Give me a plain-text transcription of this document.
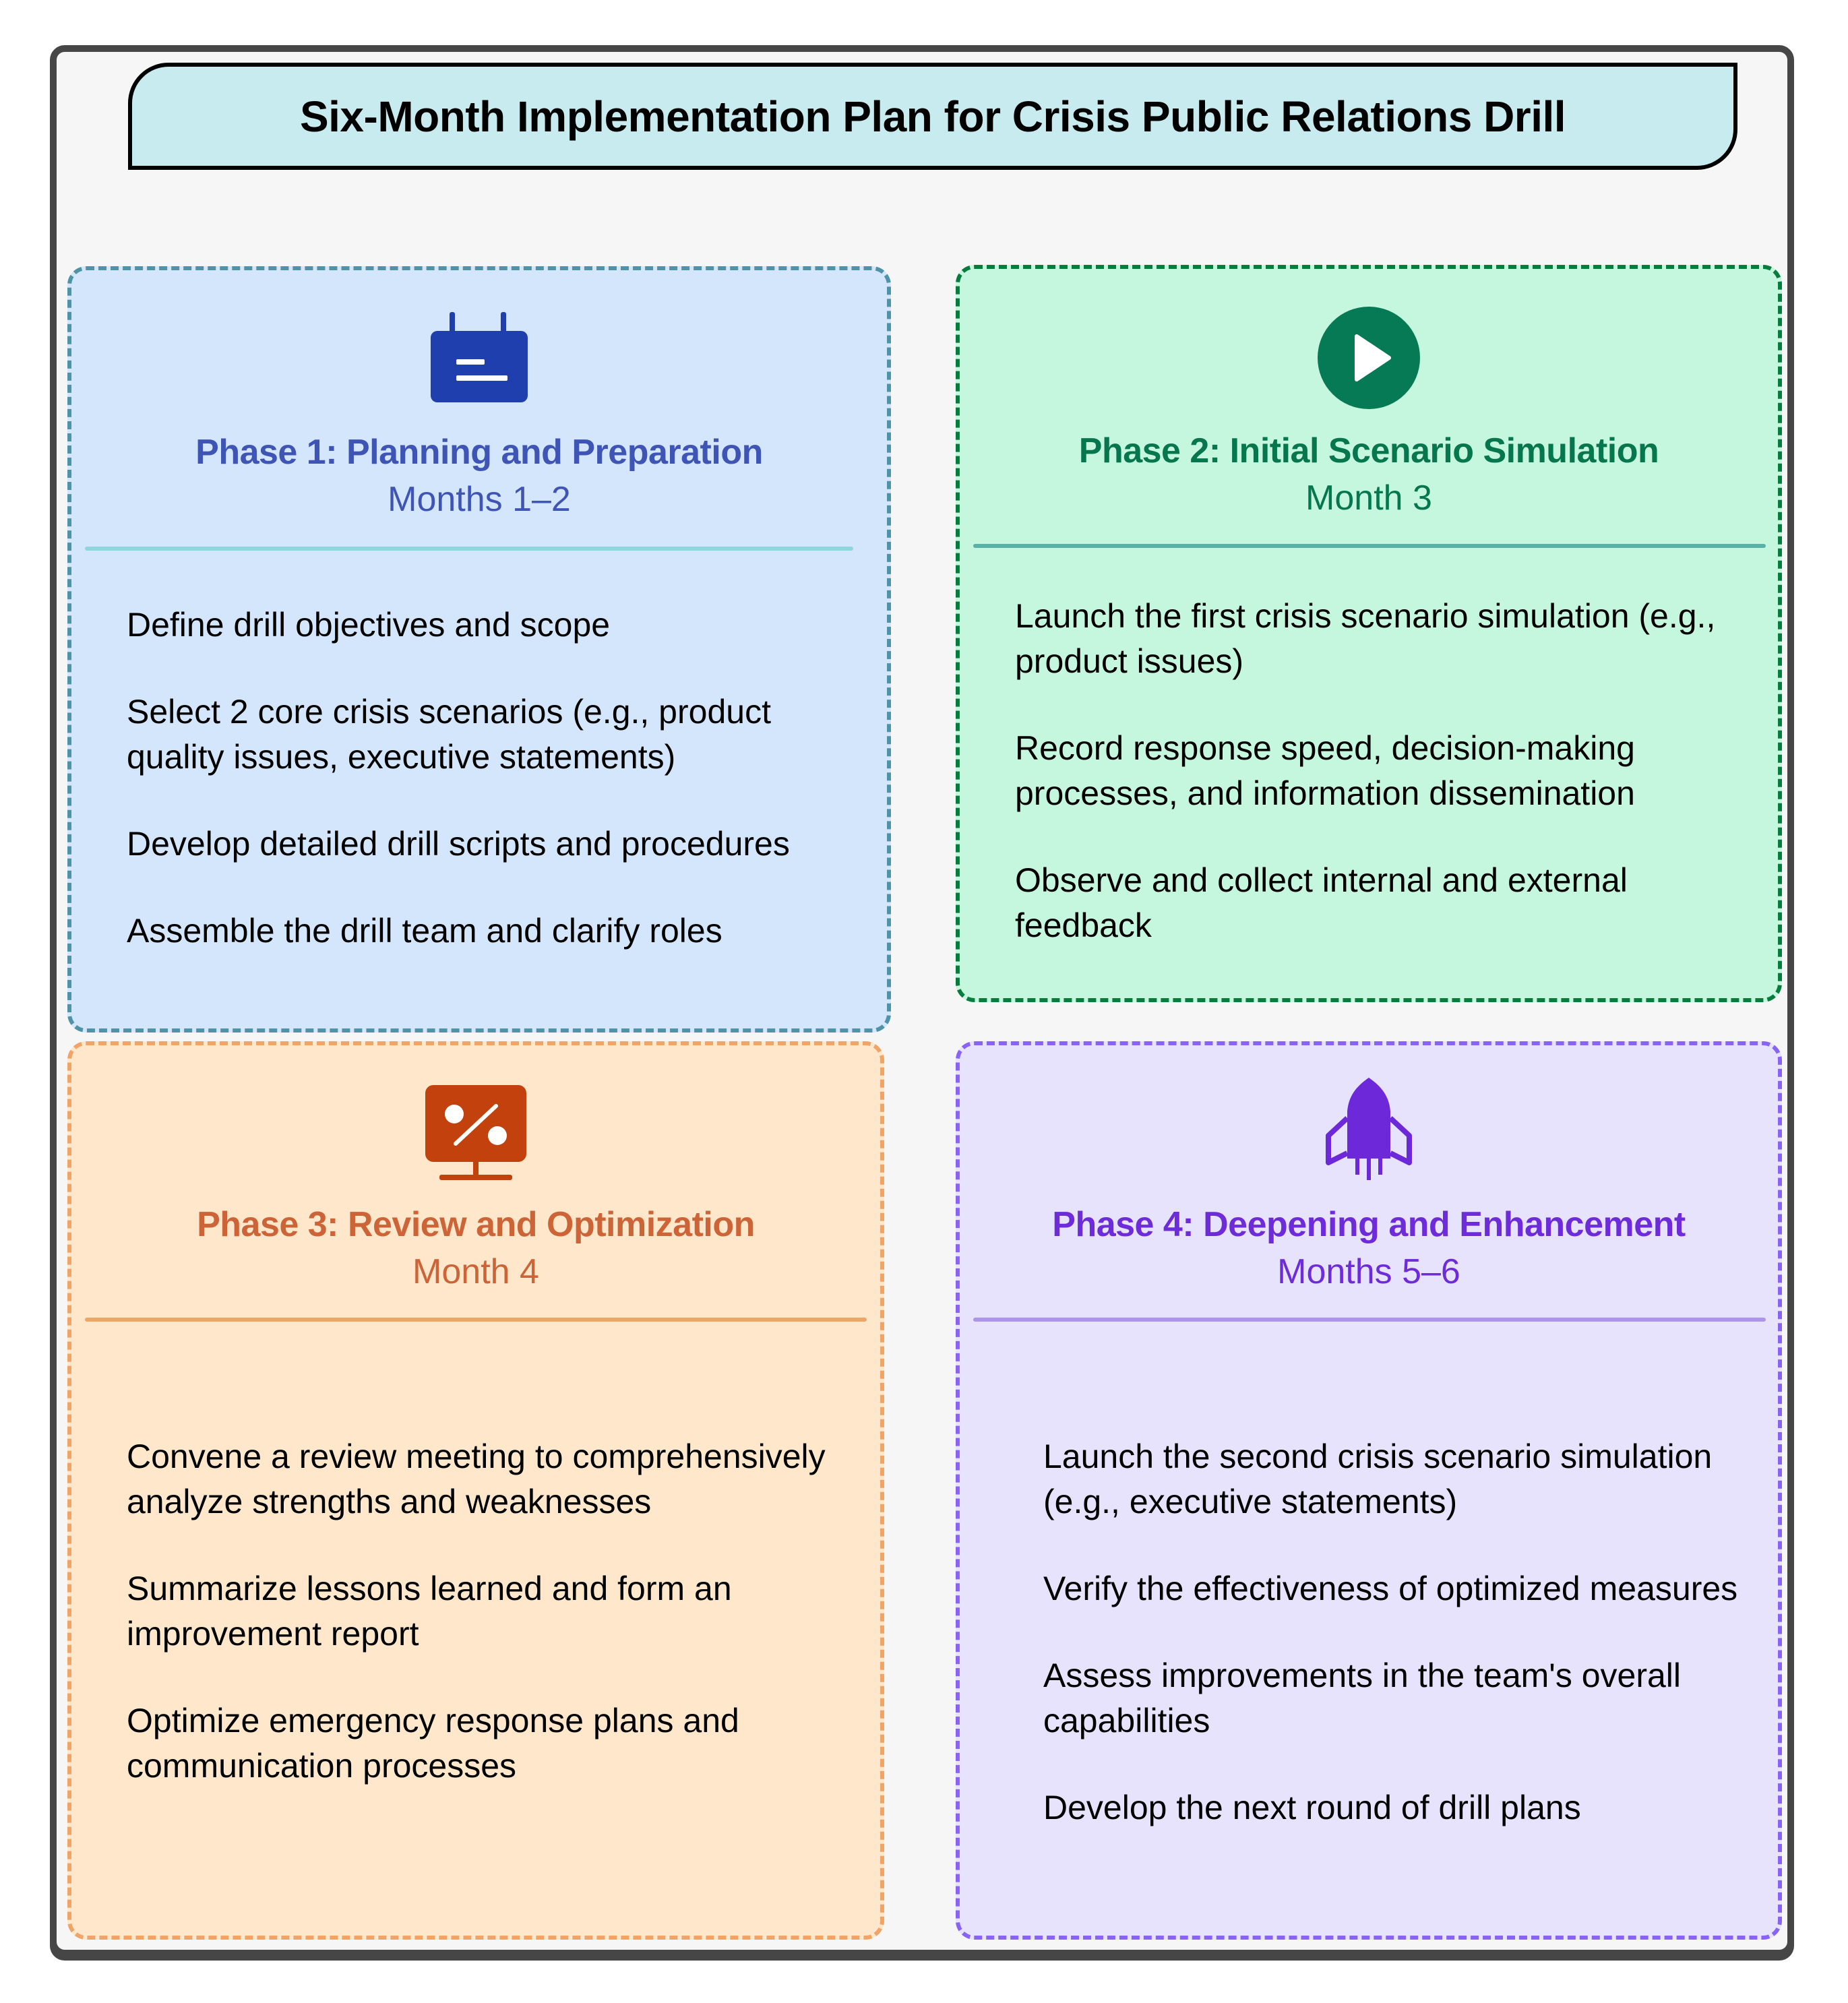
Six-Month Implementation Plan for Crisis Public Relations Drill
Phase 1: Planning and Preparation
Months 1–2
Define drill objectives and scope
Select 2 core crisis scenarios (e.g., product quality issues, executive statements)
Develop detailed drill scripts and procedures
Assemble the drill team and clarify roles
Phase 2: Initial Scenario Simulation
Month 3
Launch the first crisis scenario simulation (e.g., product issues)
Record response speed, decision-making processes, and information dissemination
Observe and collect internal and external feedback
Phase 3: Review and Optimization
Month 4
Convene a review meeting to comprehensively analyze strengths and weaknesses
Summarize lessons learned and form an improvement report
Optimize emergency response plans and communication processes
Phase 4: Deepening and Enhancement
Months 5–6
Launch the second crisis scenario simulation (e.g., executive statements)
Verify the effectiveness of optimized measures
Assess improvements in the team's overall capabilities
Develop the next round of drill plans
